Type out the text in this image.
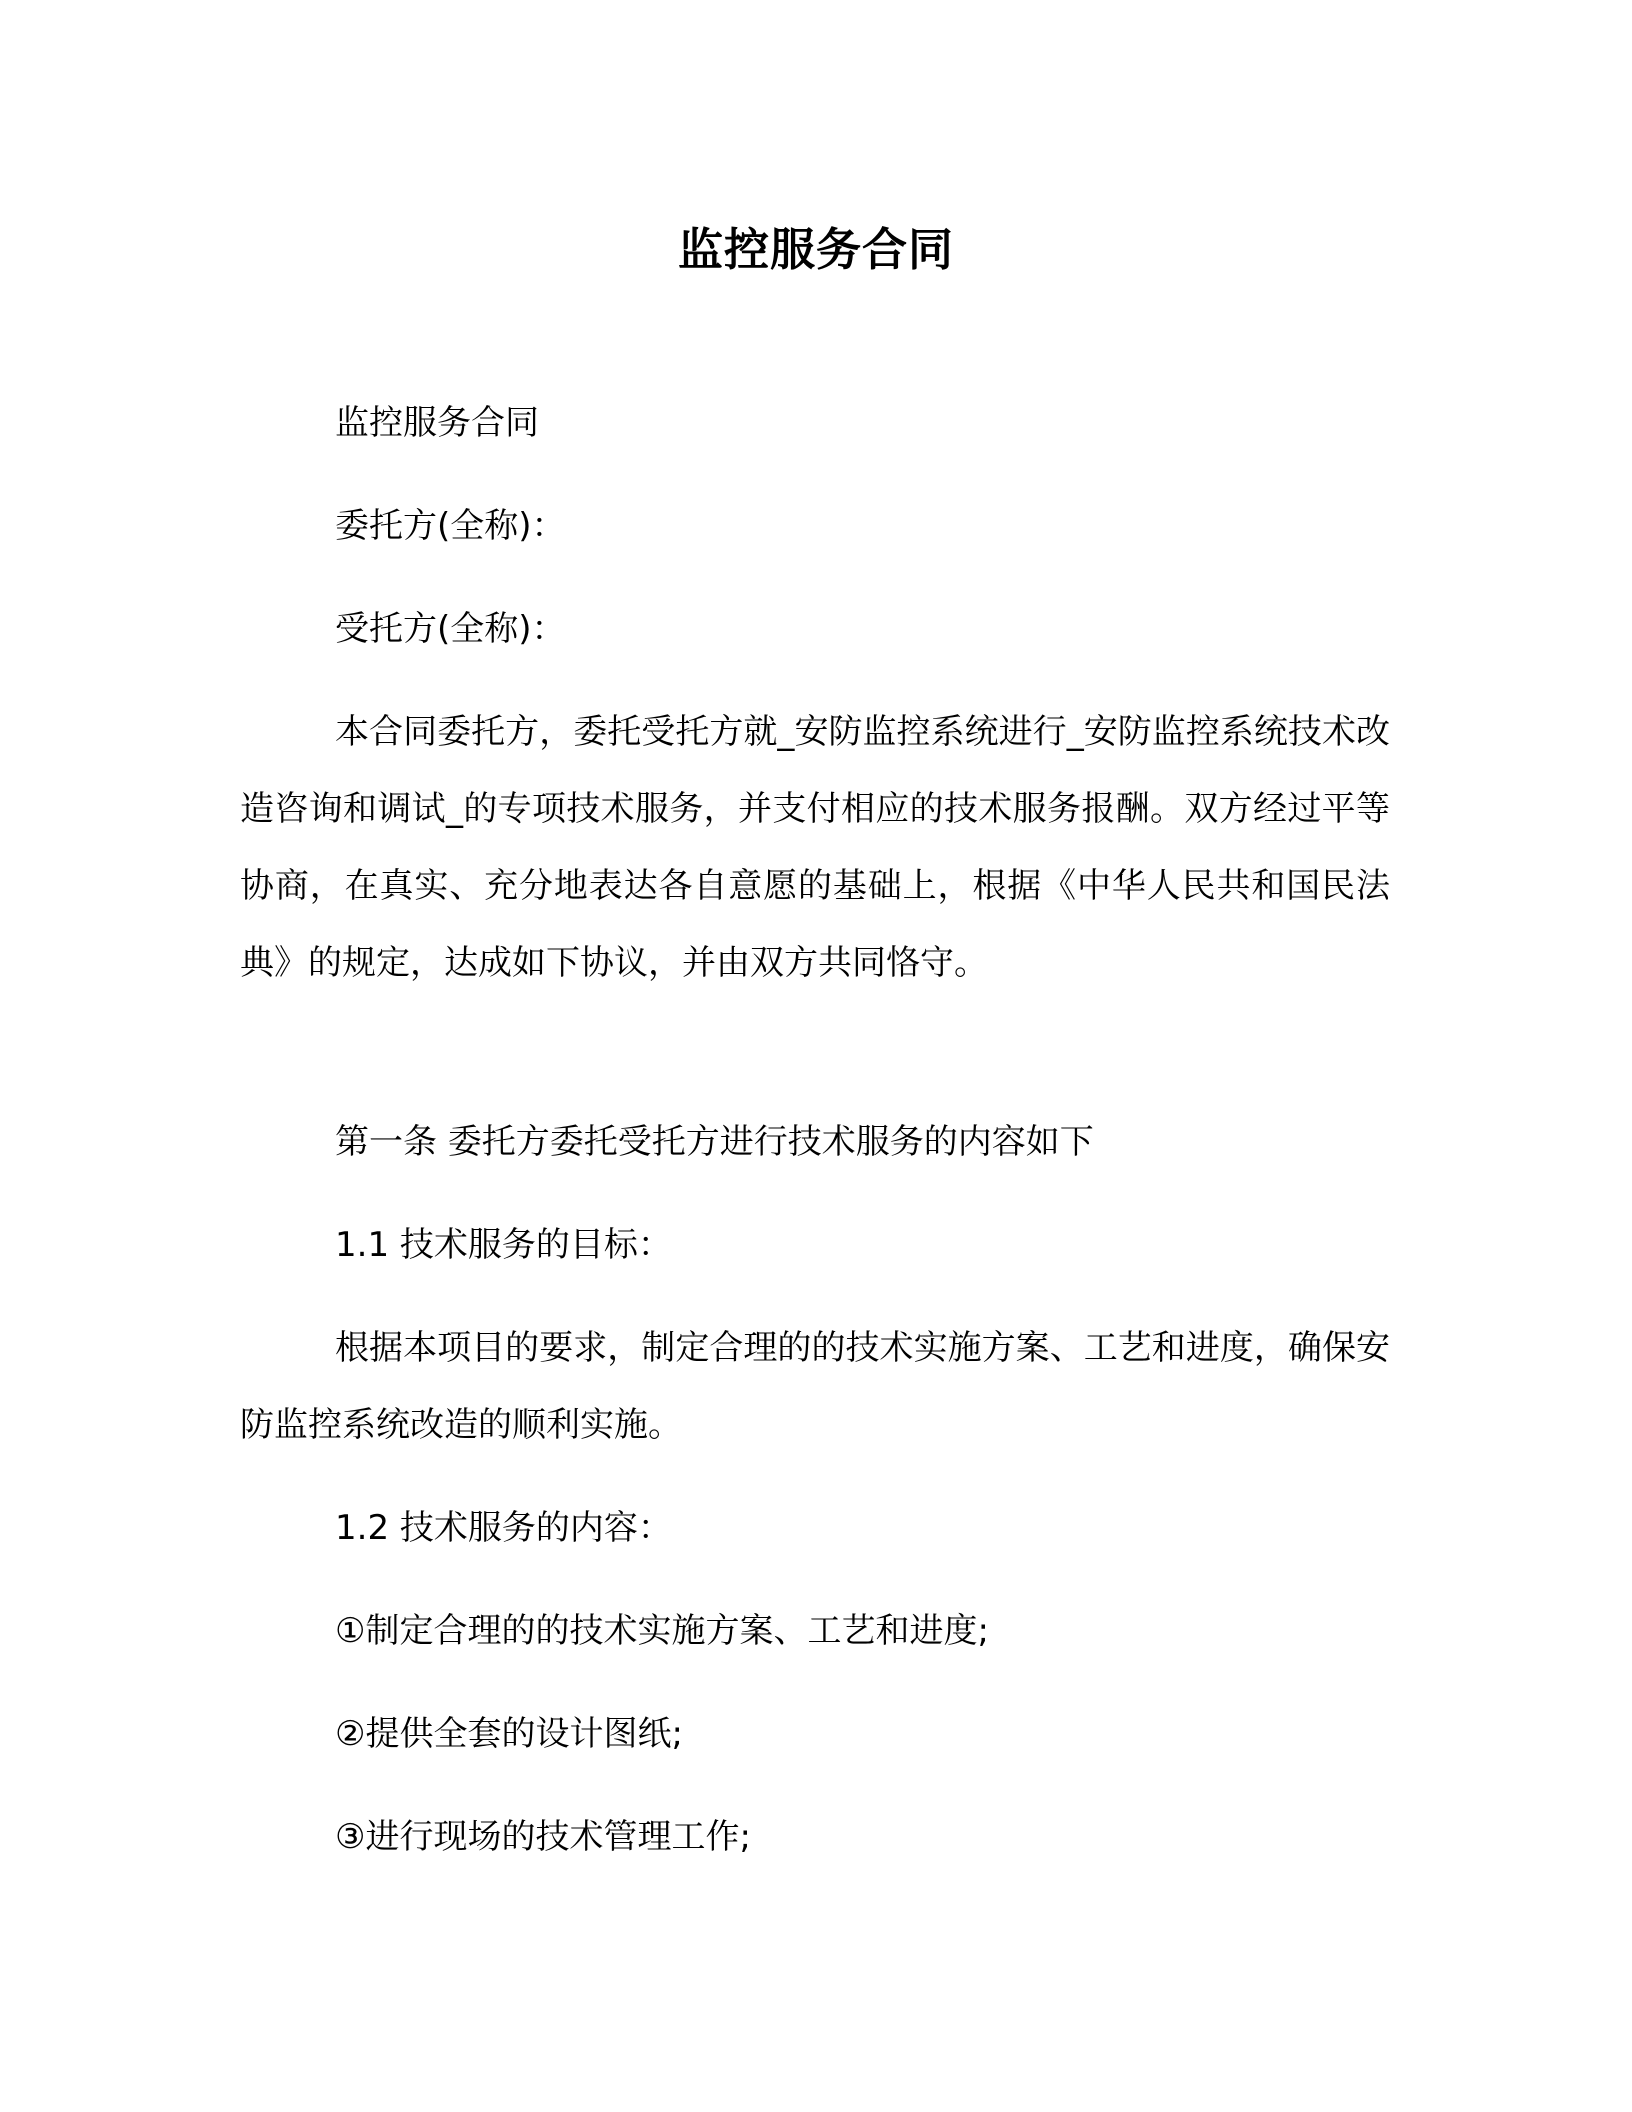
监控服务合同

监控服务合同

委托方(全称)：

受托方(全称)：

本合同委托方，委托受托方就_安防监控系统进行_安防监控系统技术改造咨询和调试_的专项技术服务，并支付相应的技术服务报酬。双方经过平等协商，在真实、充分地表达各自意愿的基础上，根据《中华人民共和国民法典》的规定，达成如下协议，并由双方共同恪守。

第一条 委托方委托受托方进行技术服务的内容如下

1.1 技术服务的目标：

根据本项目的要求，制定合理的的技术实施方案、工艺和进度，确保安防监控系统改造的顺利实施。

1.2 技术服务的内容：

①制定合理的的技术实施方案、工艺和进度;

②提供全套的设计图纸;

③进行现场的技术管理工作;
